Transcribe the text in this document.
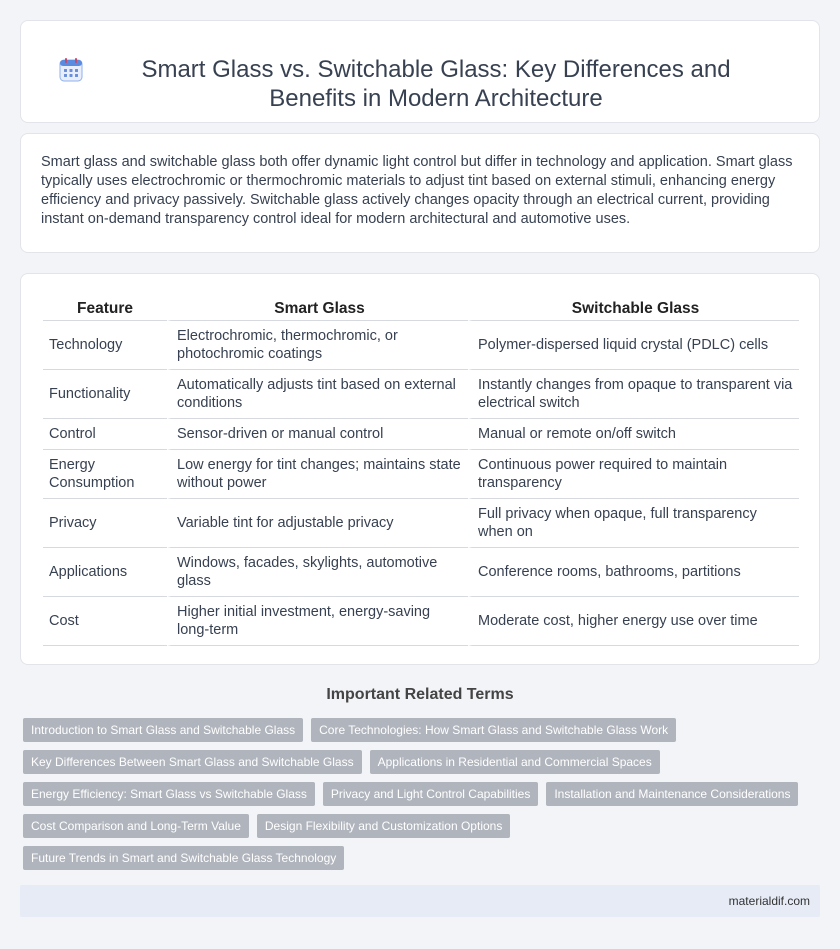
Smart Glass vs. Switchable Glass: Key Differences and Benefits in Modern Architecture

Smart glass and switchable glass both offer dynamic light control but differ in technology and application. Smart glass typically uses electrochromic or thermochromic materials to adjust tint based on external stimuli, enhancing energy efficiency and privacy passively. Switchable glass actively changes opacity through an electrical current, providing instant on-demand transparency control ideal for modern architectural and automotive uses.

Feature	Smart Glass	Switchable Glass
Technology	Electrochromic, thermochromic, or photochromic coatings	Polymer-dispersed liquid crystal (PDLC) cells
Functionality	Automatically adjusts tint based on external conditions	Instantly changes from opaque to transparent via electrical switch
Control	Sensor-driven or manual control	Manual or remote on/off switch
Energy Consumption	Low energy for tint changes; maintains state without power	Continuous power required to maintain transparency
Privacy	Variable tint for adjustable privacy	Full privacy when opaque, full transparency when on
Applications	Windows, facades, skylights, automotive glass	Conference rooms, bathrooms, partitions
Cost	Higher initial investment, energy-saving long-term	Moderate cost, higher energy use over time
Important Related Terms
Introduction to Smart Glass and Switchable Glass	Core Technologies: How Smart Glass and Switchable Glass Work
Key Differences Between Smart Glass and Switchable Glass	Applications in Residential and Commercial Spaces
Energy Efficiency: Smart Glass vs Switchable Glass	Privacy and Light Control Capabilities	Installation and Maintenance Considerations
Cost Comparison and Long-Term Value	Design Flexibility and Customization Options
Future Trends in Smart and Switchable Glass Technology
materialdif.com
